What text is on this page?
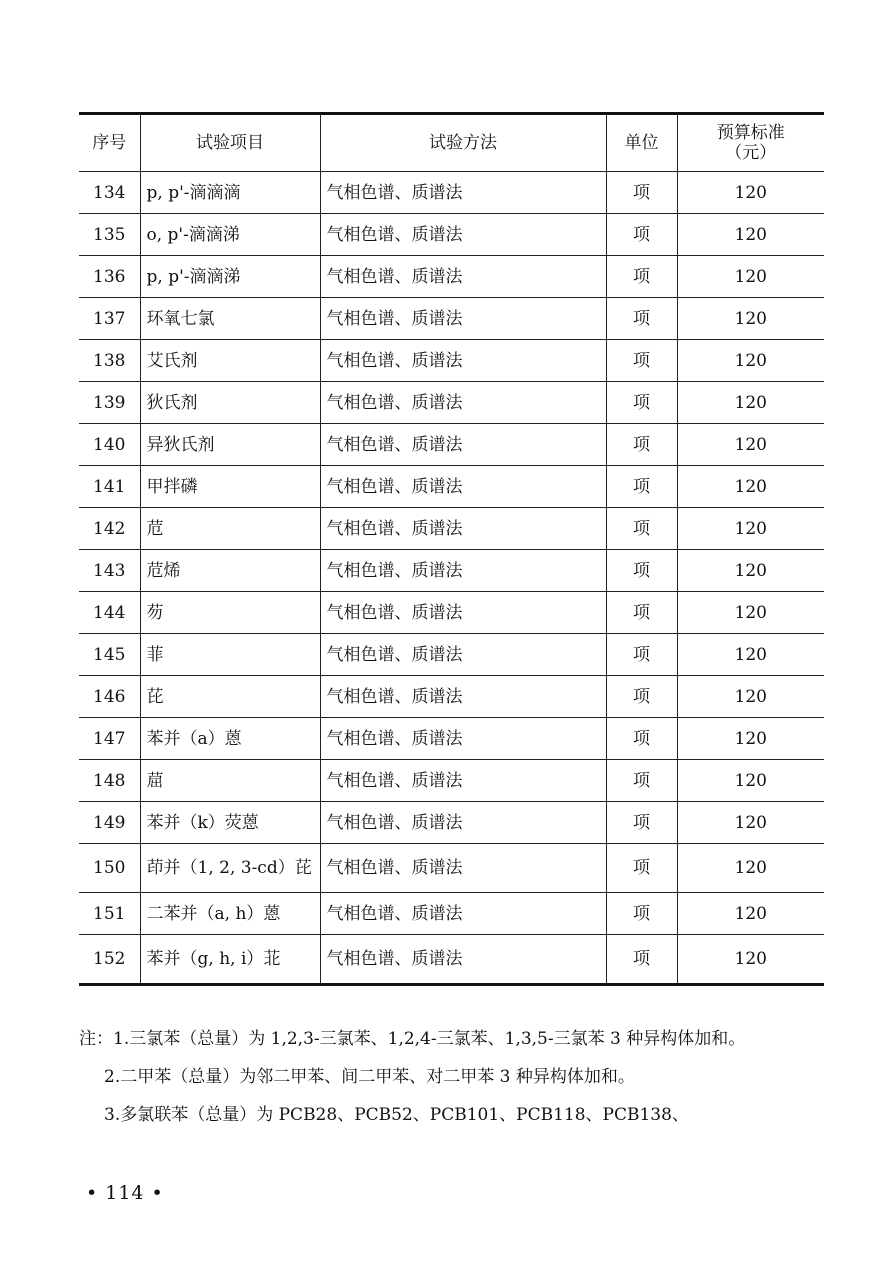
序号	试验项目	试验方法	单位	预算标准
（元）

134	p, p'-滴滴滴	气相色谱、质谱法	项	120
135	o, p'-滴滴涕	气相色谱、质谱法	项	120
136	p, p'-滴滴涕	气相色谱、质谱法	项	120
137	环氧七氯	气相色谱、质谱法	项	120
138	艾氏剂	气相色谱、质谱法	项	120
139	狄氏剂	气相色谱、质谱法	项	120
140	异狄氏剂	气相色谱、质谱法	项	120
141	甲拌磷	气相色谱、质谱法	项	120
142	苊	气相色谱、质谱法	项	120
143	苊烯	气相色谱、质谱法	项	120
144	芴	气相色谱、质谱法	项	120
145	菲	气相色谱、质谱法	项	120
146	芘	气相色谱、质谱法	项	120
147	苯并（a）蒽	气相色谱、质谱法	项	120
148	䓛	气相色谱、质谱法	项	120
149	苯并（k）荧蒽	气相色谱、质谱法	项	120
150	茚并（1, 2, 3-cd）芘	气相色谱、质谱法	项	120
151	二苯并（a, h）蒽	气相色谱、质谱法	项	120
152	苯并（g, h, i）苝	气相色谱、质谱法	项	120

注：1.三氯苯（总量）为 1,2,3-三氯苯、1,2,4-三氯苯、1,3,5-三氯苯 3 种异构体加和。

2.二甲苯（总量）为邻二甲苯、间二甲苯、对二甲苯 3 种异构体加和。

3.多氯联苯（总量）为 PCB28、PCB52、PCB101、PCB118、PCB138、

• 114 •
